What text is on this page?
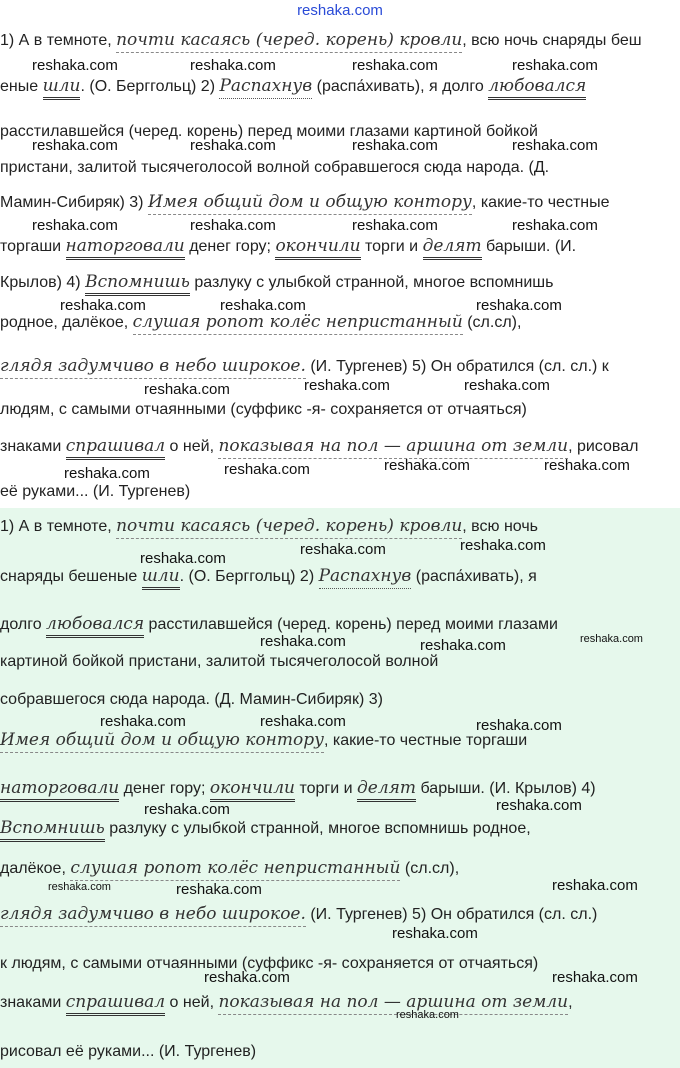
reshaka.com
1) А в темноте, почти касаясь (черед. корень) кровли, всю ночь снаряды беш
еные шли. (О. Берггольц) 2) Распахнув (распа́хивать), я долго любовался
расстилавшейся (черед. корень) перед моими глазами картиной бойкой
пристани, залитой тысячеголосой волной собравшегося сюда народа. (Д.
Мамин-Сибиряк) 3) Имея общий дом и общую контору, какие-то честные
торгаши наторговали денег гору; окончили торги и делят барыши. (И.
Крылов) 4) Вспомнишь разлуку с улыбкой странной, многое вспомнишь
родное, далёкое, слушая ропот колёс непристанный (сл.сл),
глядя задумчиво в небо широкое. (И. Тургенев) 5) Он обратился (сл. сл.) к
людям, с самыми отчаянными (суффикс -я- сохраняется от отчаяться)
знаками спрашивал о ней, показывая на пол — аршина от земли, рисовал
её руками... (И. Тургенев)
1) А в темноте, почти касаясь (черед. корень) кровли, всю ночь
снаряды бешеные шли. (О. Берггольц) 2) Распахнув (распа́хивать), я
долго любовался расстилавшейся (черед. корень) перед моими глазами
картиной бойкой пристани, залитой тысячеголосой волной
собравшегося сюда народа. (Д. Мамин-Сибиряк) 3)
Имея общий дом и общую контору, какие-то честные торгаши
наторговали денег гору; окончили торги и делят барыши. (И. Крылов) 4)
Вспомнишь разлуку с улыбкой странной, многое вспомнишь родное,
далёкое, слушая ропот колёс непристанный (сл.сл),
глядя задумчиво в небо широкое. (И. Тургенев) 5) Он обратился (сл. сл.)
к людям, с самыми отчаянными (суффикс -я- сохраняется от отчаяться)
знаками спрашивал о ней, показывая на пол — аршина от земли,
рисовал её руками... (И. Тургенев)
reshaka.com	reshaka.com	reshaka.com	reshaka.com
reshaka.com	reshaka.com	reshaka.com	reshaka.com
reshaka.com	reshaka.com	reshaka.com	reshaka.com
reshaka.com	reshaka.com	reshaka.com
reshaka.com	reshaka.com	reshaka.com
reshaka.com	reshaka.com	reshaka.com	reshaka.com
reshaka.com
reshaka.com	reshaka.com
reshaka.com	reshaka.com	reshaka.com
reshaka.com	reshaka.com	reshaka.com
reshaka.com	reshaka.com
reshaka.com	reshaka.com	reshaka.com
reshaka.com
reshaka.com	reshaka.com
reshaka.com
